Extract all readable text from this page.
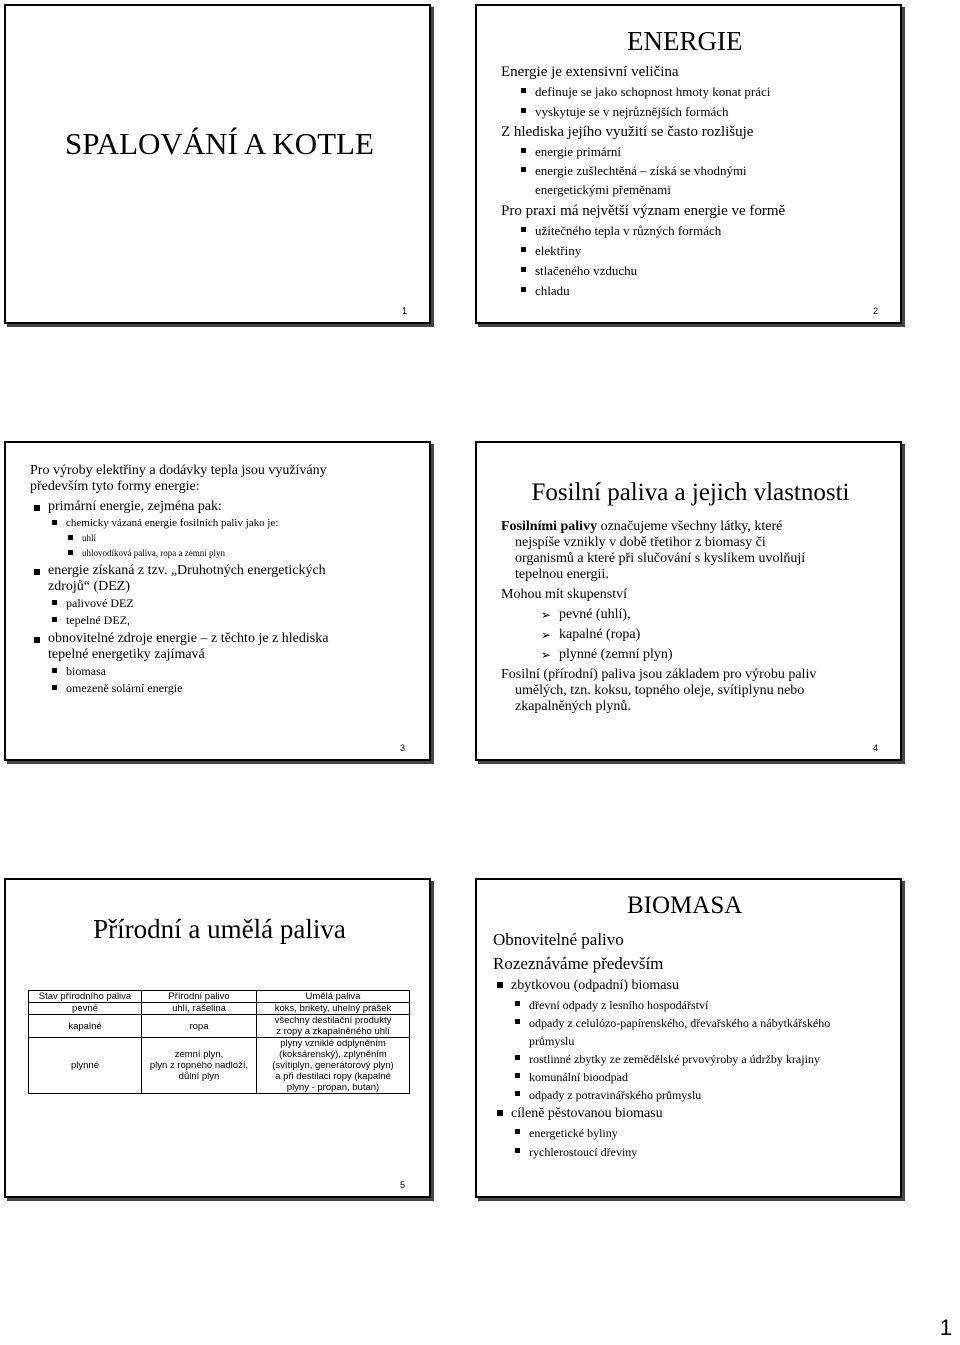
SPALOVÁNÍ A KOTLE
1
ENERGIE
Energie je extensivní veličina
definuje se jako schopnost hmoty konat práci
vyskytuje se v nejrůznějších formách
Z hlediska jejího využití se často rozlišuje
energie primární
energie zušlechtěná – získá se vhodnými
energetickými přeměnami
Pro praxi má největší význam energie ve formě
užitečného tepla v různých formách
elektřiny
stlačeného vzduchu
chladu
2
Pro výroby elektřiny a dodávky tepla jsou využívány
především tyto formy energie:
primární energie, zejména pak:
chemicky vázaná energie fosilních paliv jako je:
uhlí
uhlovodíková paliva, ropa a zemní plyn
energie získaná z tzv. „Druhotných energetických
zdrojů“ (DEZ)
palivové DEZ
tepelné DEZ,
obnovitelné zdroje energie – z těchto je z hlediska
tepelné energetiky zajímavá
biomasa
omezeně solární energie
3
Fosilní paliva a jejich vlastnosti
Fosilními palivy označujeme všechny látky, které
nejspíše vznikly v době třetihor z biomasy či
organismů a které při slučování s kyslíkem uvolňují
tepelnou energii.
Mohou mít skupenství
➢ pevné (uhlí),
➢ kapalné (ropa)
➢ plynné (zemní plyn)
Fosilní (přírodní) paliva jsou základem pro výrobu paliv
umělých, tzn. koksu, topného oleje, svítiplynu nebo
zkapalněných plynů.
4
Přírodní a umělá paliva
Stav přírodního paliva	Přírodní palivo	Umělá paliva
pevné	uhlí, rašelina	koks, brikety, uhelný prášek
kapalné	ropa	všechny destilační produkty
z ropy a zkapalněného uhlí
plynné	zemní plyn,
plyn z ropného nadloží,
důlní plyn	plyny vzniklé odplyněním
(koksárenský), zplyněním
(svítiplyn, generátorový plyn)
a při destilaci ropy (kapalné
plyny - propan, butan)
5
BIOMASA
Obnovitelné palivo
Rozeznáváme především
zbytkovou (odpadní) biomasu
dřevní odpady z lesního hospodářství
odpady z celulózo-papírenského, dřevařského a nábytkářského
průmyslu
rostlinné zbytky ze zemědělské prvovýroby a údržby krajiny
komunální bioodpad
odpady z potravinářského průmyslu
cíleně pěstovanou biomasu
energetické byliny
rychlerostoucí dřeviny
1
